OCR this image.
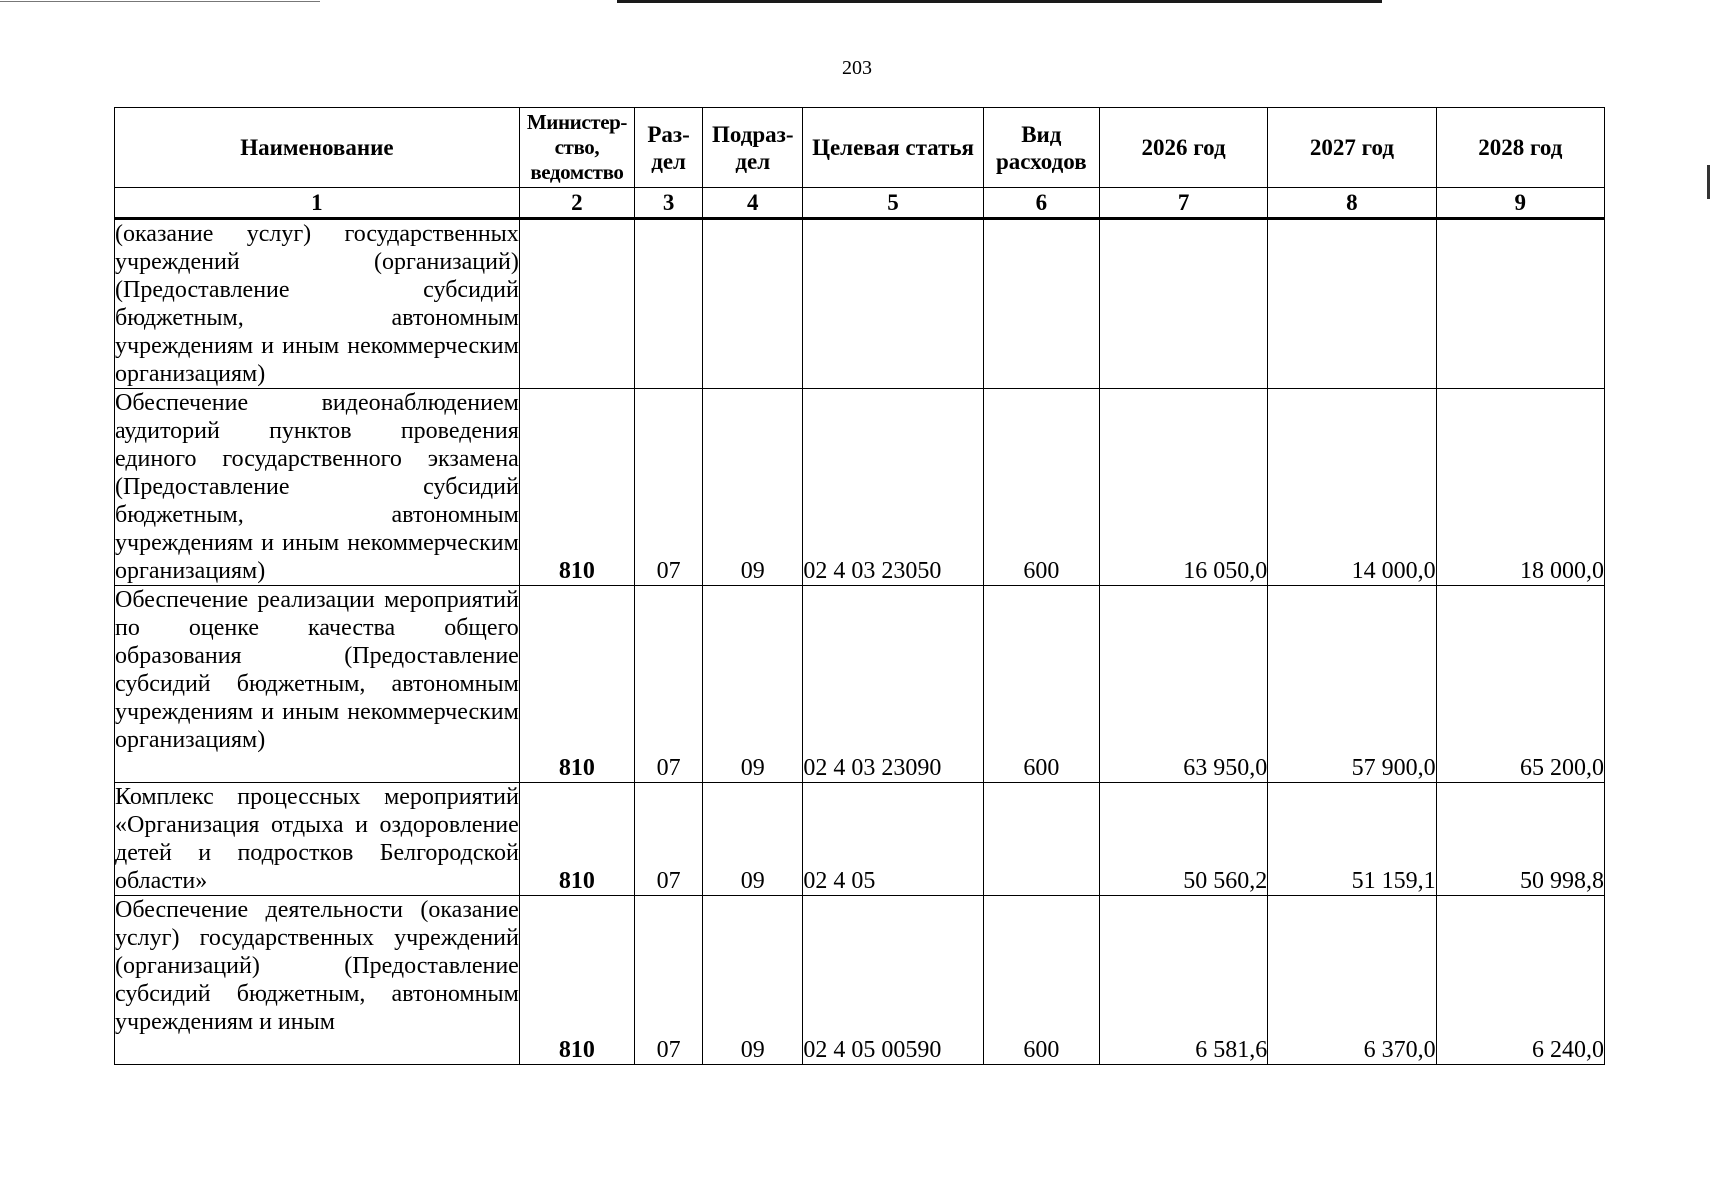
203
Наименование	Министер-ство, ведомство	Раз-дел	Подраз-дел	Целевая статья	Вид расходов	2026 год	2027 год	2028 год
1	2	3	4	5	6	7	8	9
(оказание услуг) государственных учреждений (организаций) (Предоставление субсидий бюджетным, автономным учреждениям и иным некоммерческим организациям)								
Обеспечение видеонаблюдением аудиторий пунктов проведения единого государственного экзамена (Предоставление субсидий бюджетным, автономным учреждениям и иным некоммерческим организациям)	810	07	09	02 4 03 23050	600	16 050,0	14 000,0	18 000,0
Обеспечение реализации мероприятий по оценке качества общего образования (Предоставление субсидий бюджетным, автономным учреждениям и иным некоммерческим организациям)	810	07	09	02 4 03 23090	600	63 950,0	57 900,0	65 200,0
Комплекс процессных мероприятий «Организация отдыха и оздоровление детей и подростков Белгородской области»	810	07	09	02 4 05		50 560,2	51 159,1	50 998,8
Обеспечение деятельности (оказание услуг) государственных учреждений (организаций) (Предоставление субсидий бюджетным, автономным учреждениям и иным	810	07	09	02 4 05 00590	600	6 581,6	6 370,0	6 240,0
